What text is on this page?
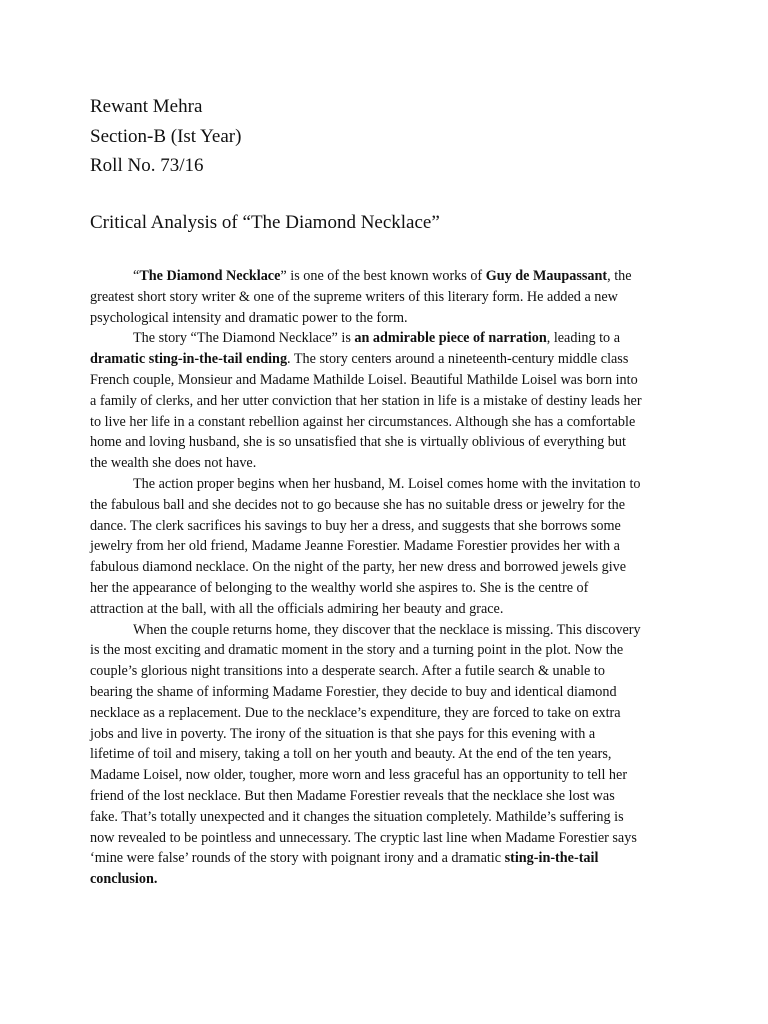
Rewant Mehra
Section-B (Ist Year)
Roll No. 73/16
Critical Analysis of “The Diamond Necklace”

“The Diamond Necklace” is one of the best known works of Guy de Maupassant, the
greatest short story writer & one of the supreme writers of this literary form. He added a new
psychological intensity and dramatic power to the form.

The story “The Diamond Necklace” is an admirable piece of narration, leading to a
dramatic sting-in-the-tail ending. The story centers around a nineteenth-century middle class
French couple, Monsieur and Madame Mathilde Loisel. Beautiful Mathilde Loisel was born into
a family of clerks, and her utter conviction that her station in life is a mistake of destiny leads her
to live her life in a constant rebellion against her circumstances. Although she has a comfortable
home and loving husband, she is so unsatisfied that she is virtually oblivious of everything but
the wealth she does not have.

The action proper begins when her husband, M. Loisel comes home with the invitation to
the fabulous ball and she decides not to go because she has no suitable dress or jewelry for the
dance. The clerk sacrifices his savings to buy her a dress, and suggests that she borrows some
jewelry from her old friend, Madame Jeanne Forestier. Madame Forestier provides her with a
fabulous diamond necklace. On the night of the party, her new dress and borrowed jewels give
her the appearance of belonging to the wealthy world she aspires to. She is the centre of
attraction at the ball, with all the officials admiring her beauty and grace.

When the couple returns home, they discover that the necklace is missing. This discovery
is the most exciting and dramatic moment in the story and a turning point in the plot. Now the
couple’s glorious night transitions into a desperate search. After a futile search & unable to
bearing the shame of informing Madame Forestier, they decide to buy and identical diamond
necklace as a replacement. Due to the necklace’s expenditure, they are forced to take on extra
jobs and live in poverty. The irony of the situation is that she pays for this evening with a
lifetime of toil and misery, taking a toll on her youth and beauty. At the end of the ten years,
Madame Loisel, now older, tougher, more worn and less graceful has an opportunity to tell her
friend of the lost necklace. But then Madame Forestier reveals that the necklace she lost was
fake. That’s totally unexpected and it changes the situation completely. Mathilde’s suffering is
now revealed to be pointless and unnecessary. The cryptic last line when Madame Forestier says
‘mine were false’ rounds of the story with poignant irony and a dramatic sting-in-the-tail
conclusion.
